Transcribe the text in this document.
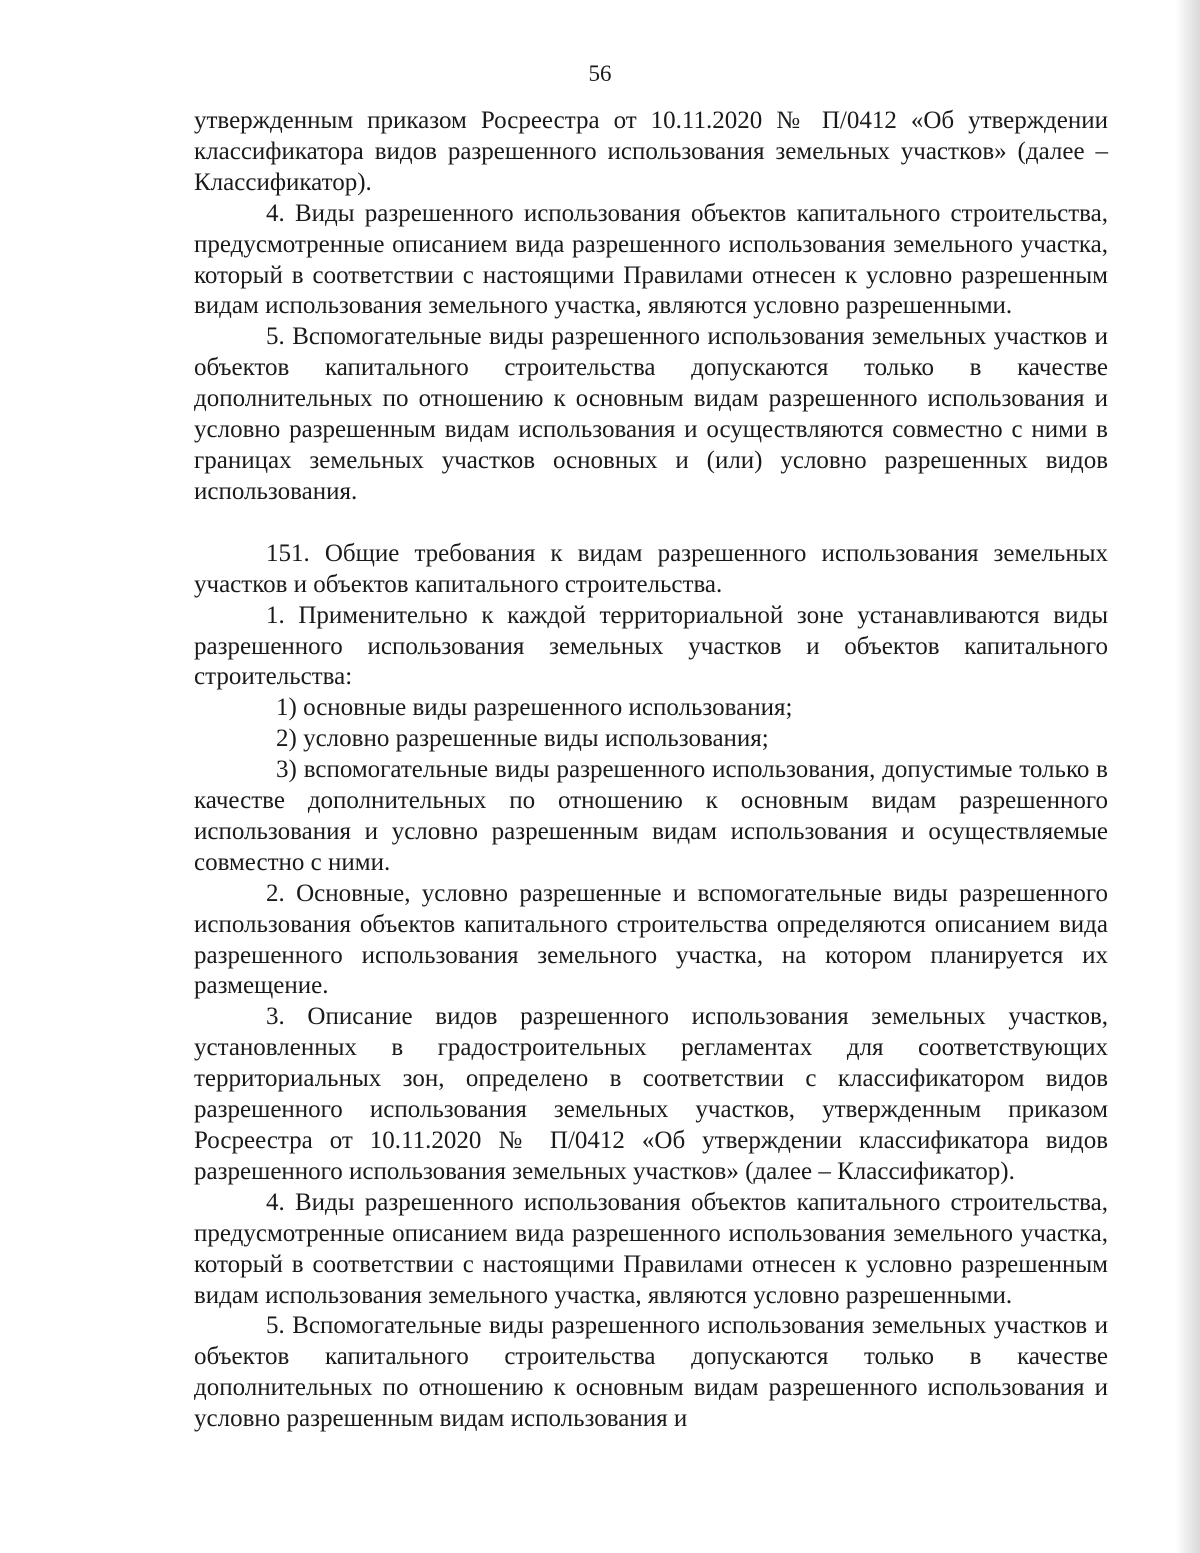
56

утвержденным приказом Росреестра от 10.11.2020 № П/0412 «Об утверждении классификатора видов разрешенного использования земельных участков» (далее – Классификатор).

4. Виды разрешенного использования объектов капитального строительства, предусмотренные описанием вида разрешенного использования земельного участка, который в соответствии с настоящими Правилами отнесен к условно разрешенным видам использования земельного участка, являются условно разрешенными.

5. Вспомогательные виды разрешенного использования земельных участков и объектов капитального строительства допускаются только в качестве дополнительных по отношению к основным видам разрешенного использования и условно разрешенным видам использования и осуществляются совместно с ними в границах земельных участков основных и (или) условно разрешенных видов использования.

151. Общие требования к видам разрешенного использования земельных участков и объектов капитального строительства.

1. Применительно к каждой территориальной зоне устанавливаются виды разрешенного использования земельных участков и объектов капитального строительства:

1) основные виды разрешенного использования;

2) условно разрешенные виды использования;

3) вспомогательные виды разрешенного использования, допустимые только в качестве дополнительных по отношению к основным видам разрешенного использования и условно разрешенным видам использования и осуществляемые совместно с ними.

2. Основные, условно разрешенные и вспомогательные виды разрешенного использования объектов капитального строительства определяются описанием вида разрешенного использования земельного участка, на котором планируется их размещение.

3. Описание видов разрешенного использования земельных участков, установленных в градостроительных регламентах для соответствующих территориальных зон, определено в соответствии с классификатором видов разрешенного использования земельных участков, утвержденным приказом Росреестра от 10.11.2020 № П/0412 «Об утверждении классификатора видов разрешенного использования земельных участков» (далее – Классификатор).

4. Виды разрешенного использования объектов капитального строительства, предусмотренные описанием вида разрешенного использования земельного участка, который в соответствии с настоящими Правилами отнесен к условно разрешенным видам использования земельного участка, являются условно разрешенными.

5. Вспомогательные виды разрешенного использования земельных участков и объектов капитального строительства допускаются только в качестве дополнительных по отношению к основным видам разрешенного использования и условно разрешенным видам использования и
